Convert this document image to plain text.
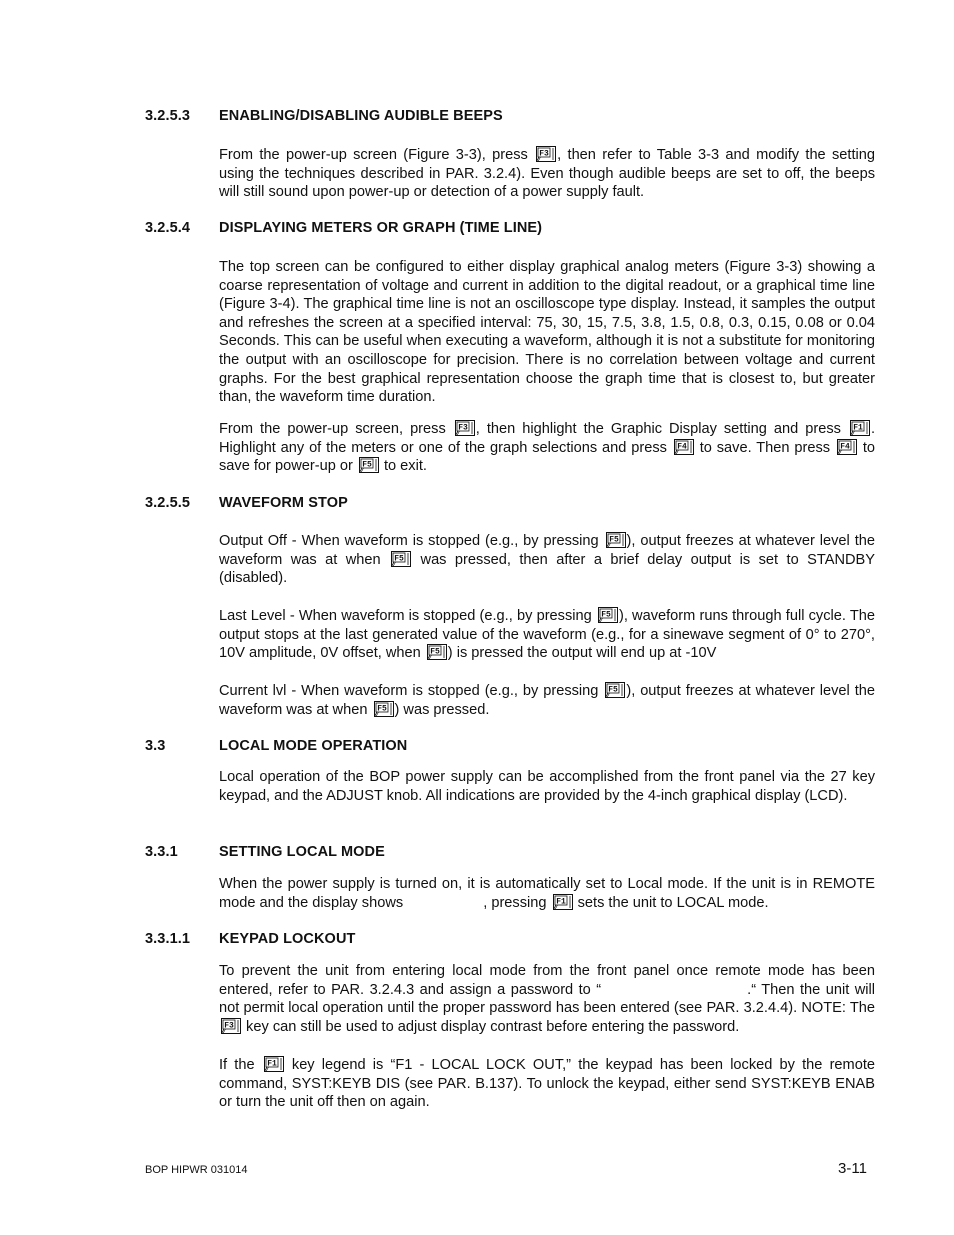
3.2.5.3 ENABLING/DISABLING AUDIBLE BEEPS
From the power-up screen (Figure 3-3), press F3 , then refer to Table 3-3 and modify the setting using the techniques described in PAR. 3.2.4). Even though audible beeps are set to off, the beeps will still sound upon power-up or detection of a power supply fault.
3.2.5.4 DISPLAYING METERS OR GRAPH (TIME LINE)
The top screen can be configured to either display graphical analog meters (Figure 3-3) showing a coarse representation of voltage and current in addition to the digital readout, or a graphical time line (Figure 3-4). The graphical time line is not an oscilloscope type display. Instead, it samples the output and refreshes the screen at a specified interval: 75, 30, 15, 7.5, 3.8, 1.5, 0.8, 0.3, 0.15, 0.08 or 0.04 Seconds. This can be useful when executing a waveform, although it is not a substitute for monitoring the output with an oscilloscope for precision. There is no correlation between voltage and current graphs. For the best graphical representation choose the graph time that is closest to, but greater than, the waveform time duration.
From the power-up screen, press F3 , then highlight the Graphic Display setting and press F1 . Highlight any of the meters or one of the graph selections and press F4 to save. Then press F4 to save for power-up or F5 to exit.
3.2.5.5 WAVEFORM STOP
Output Off - When waveform is stopped (e.g., by pressing F5 ), output freezes at whatever level the waveform was at when F5 was pressed, then after a brief delay output is set to STANDBY (disabled).
Last Level - When waveform is stopped (e.g., by pressing F5 ), waveform runs through full cycle. The output stops at the last generated value of the waveform (e.g., for a sinewave segment of 0° to 270°, 10V amplitude, 0V offset, when F5 ) is pressed the output will end up at -10V
Current lvl - When waveform is stopped (e.g., by pressing F5 ), output freezes at whatever level the waveform was at when F5 ) was pressed.
3.3	LOCAL MODE OPERATION
Local operation of the BOP power supply can be accomplished from the front panel via the 27 key keypad, and the ADJUST knob. All indications are provided by the 4-inch graphical display (LCD).
3.3.1	SETTING LOCAL MODE
When the power supply is turned on, it is automatically set to Local mode. If the unit is in REMOTE mode and the display shows	, pressing F1 sets the unit to LOCAL mode.
3.3.1.1 KEYPAD LOCKOUT
To prevent the unit from entering local mode from the front panel once remote mode has been entered, refer to PAR. 3.2.4.3 and assign a password to “	.“ Then the unit will not permit local operation until the proper password has been entered (see PAR. 3.2.4.4). NOTE: The
F3 key can still be used to adjust display contrast before entering the password.
If the F1 key legend is “F1 - LOCAL LOCK OUT,” the keypad has been locked by the remote command, SYST:KEYB DIS (see PAR. B.137). To unlock the keypad, either send SYST:KEYB ENAB or turn the unit off then on again.
BOP HIPWR 031014	3-11
